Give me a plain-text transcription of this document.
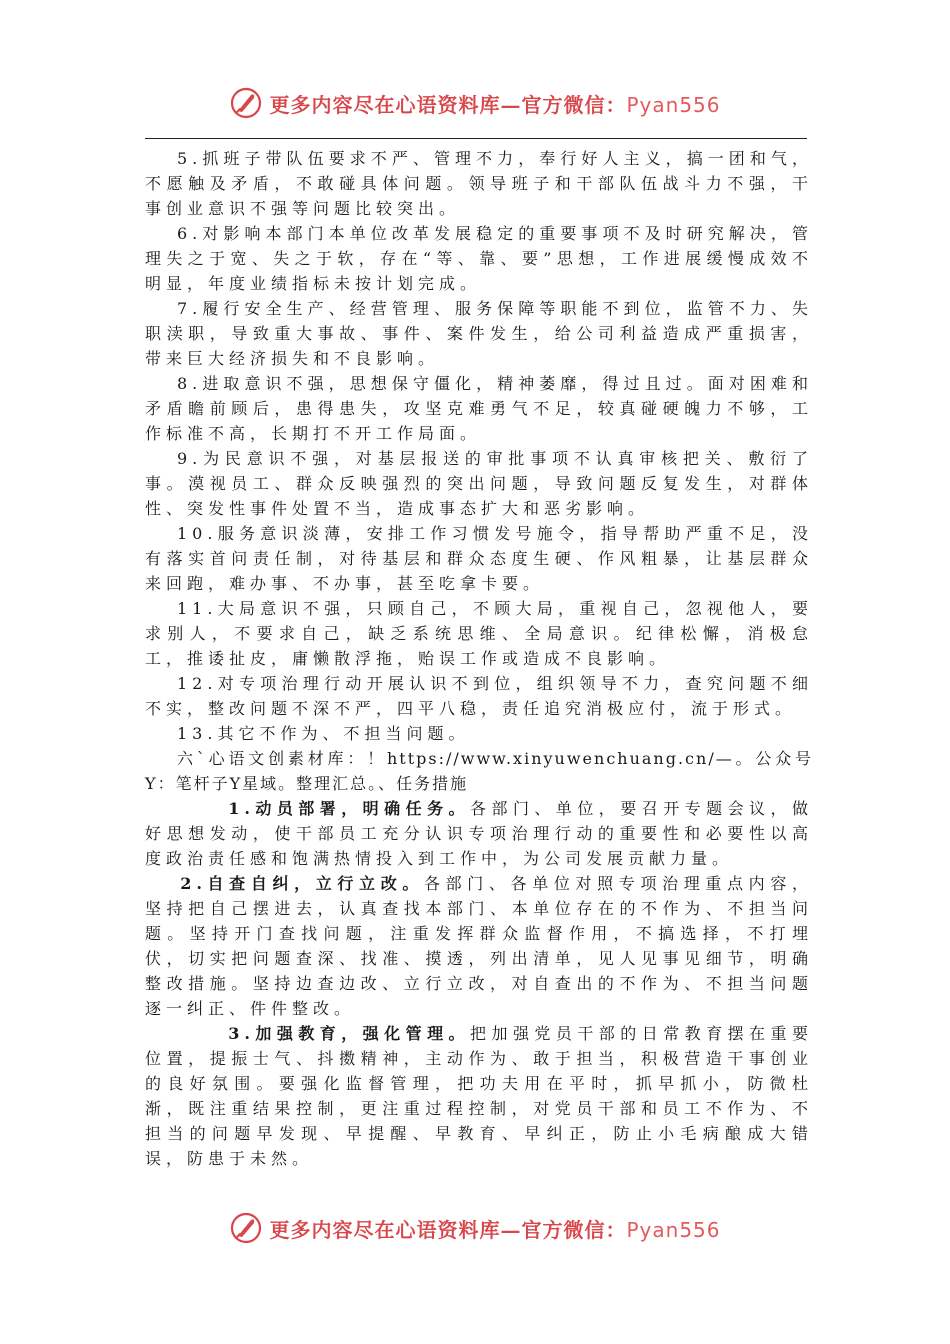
更多内容尽在心语资料库—官方微信：Pyan556

5.抓班子带队伍要求不严、管理不力，奉行好人主义，搞一团和气，不愿触及矛盾，不敢碰具体问题。领导班子和干部队伍战斗力不强，干事创业意识不强等问题比较突出。

6.对影响本部门本单位改革发展稳定的重要事项不及时研究解决，管理失之于宽、失之于软，存在“等、靠、要”思想，工作进展缓慢成效不明显，年度业绩指标未按计划完成。

7.履行安全生产、经营管理、服务保障等职能不到位，监管不力、失职渎职，导致重大事故、事件、案件发生，给公司利益造成严重损害，带来巨大经济损失和不良影响。

8.进取意识不强，思想保守僵化，精神萎靡，得过且过。面对困难和矛盾瞻前顾后，患得患失，攻坚克难勇气不足，较真碰硬魄力不够，工作标准不高，长期打不开工作局面。

9.为民意识不强，对基层报送的审批事项不认真审核把关、敷衍了事。漠视员工、群众反映强烈的突出问题，导致问题反复发生，对群体性、突发性事件处置不当，造成事态扩大和恶劣影响。

10.服务意识淡薄，安排工作习惯发号施令，指导帮助严重不足，没有落实首问责任制，对待基层和群众态度生硬、作风粗暴，让基层群众来回跑，难办事、不办事，甚至吃拿卡要。

11.大局意识不强，只顾自己，不顾大局，重视自己，忽视他人，要求别人，不要求自己，缺乏系统思维、全局意识。纪律松懈，消极怠工，推诿扯皮，庸懒散浮拖，贻误工作或造成不良影响。

12.对专项治理行动开展认识不到位，组织领导不力，查究问题不细不实，整改问题不深不严，四平八稳，责任追究消极应付，流于形式。

13.其它不作为、不担当问题。

六`心语文创素材库：！https://www.xinyuwenchuang.cn/—。公众号Y：笔杆子Y星域。整理汇总。、任务措施

1.动员部署，明确任务。各部门、单位，要召开专题会议，做好思想发动，使干部员工充分认识专项治理行动的重要性和必要性以高度政治责任感和饱满热情投入到工作中，为公司发展贡献力量。

2.自查自纠，立行立改。各部门、各单位对照专项治理重点内容，坚持把自己摆进去，认真查找本部门、本单位存在的不作为、不担当问题。坚持开门查找问题，注重发挥群众监督作用，不搞选择，不打埋伏，切实把问题查深、找准、摸透，列出清单，见人见事见细节，明确整改措施。坚持边查边改、立行立改，对自查出的不作为、不担当问题逐一纠正、件件整改。

3.加强教育，强化管理。把加强党员干部的日常教育摆在重要位置，提振士气、抖擞精神，主动作为、敢于担当，积极营造干事创业的良好氛围。要强化监督管理，把功夫用在平时，抓早抓小，防微杜渐，既注重结果控制，更注重过程控制，对党员干部和员工不作为、不担当的问题早发现、早提醒、早教育、早纠正，防止小毛病酿成大错误，防患于未然。

更多内容尽在心语资料库—官方微信：Pyan556
